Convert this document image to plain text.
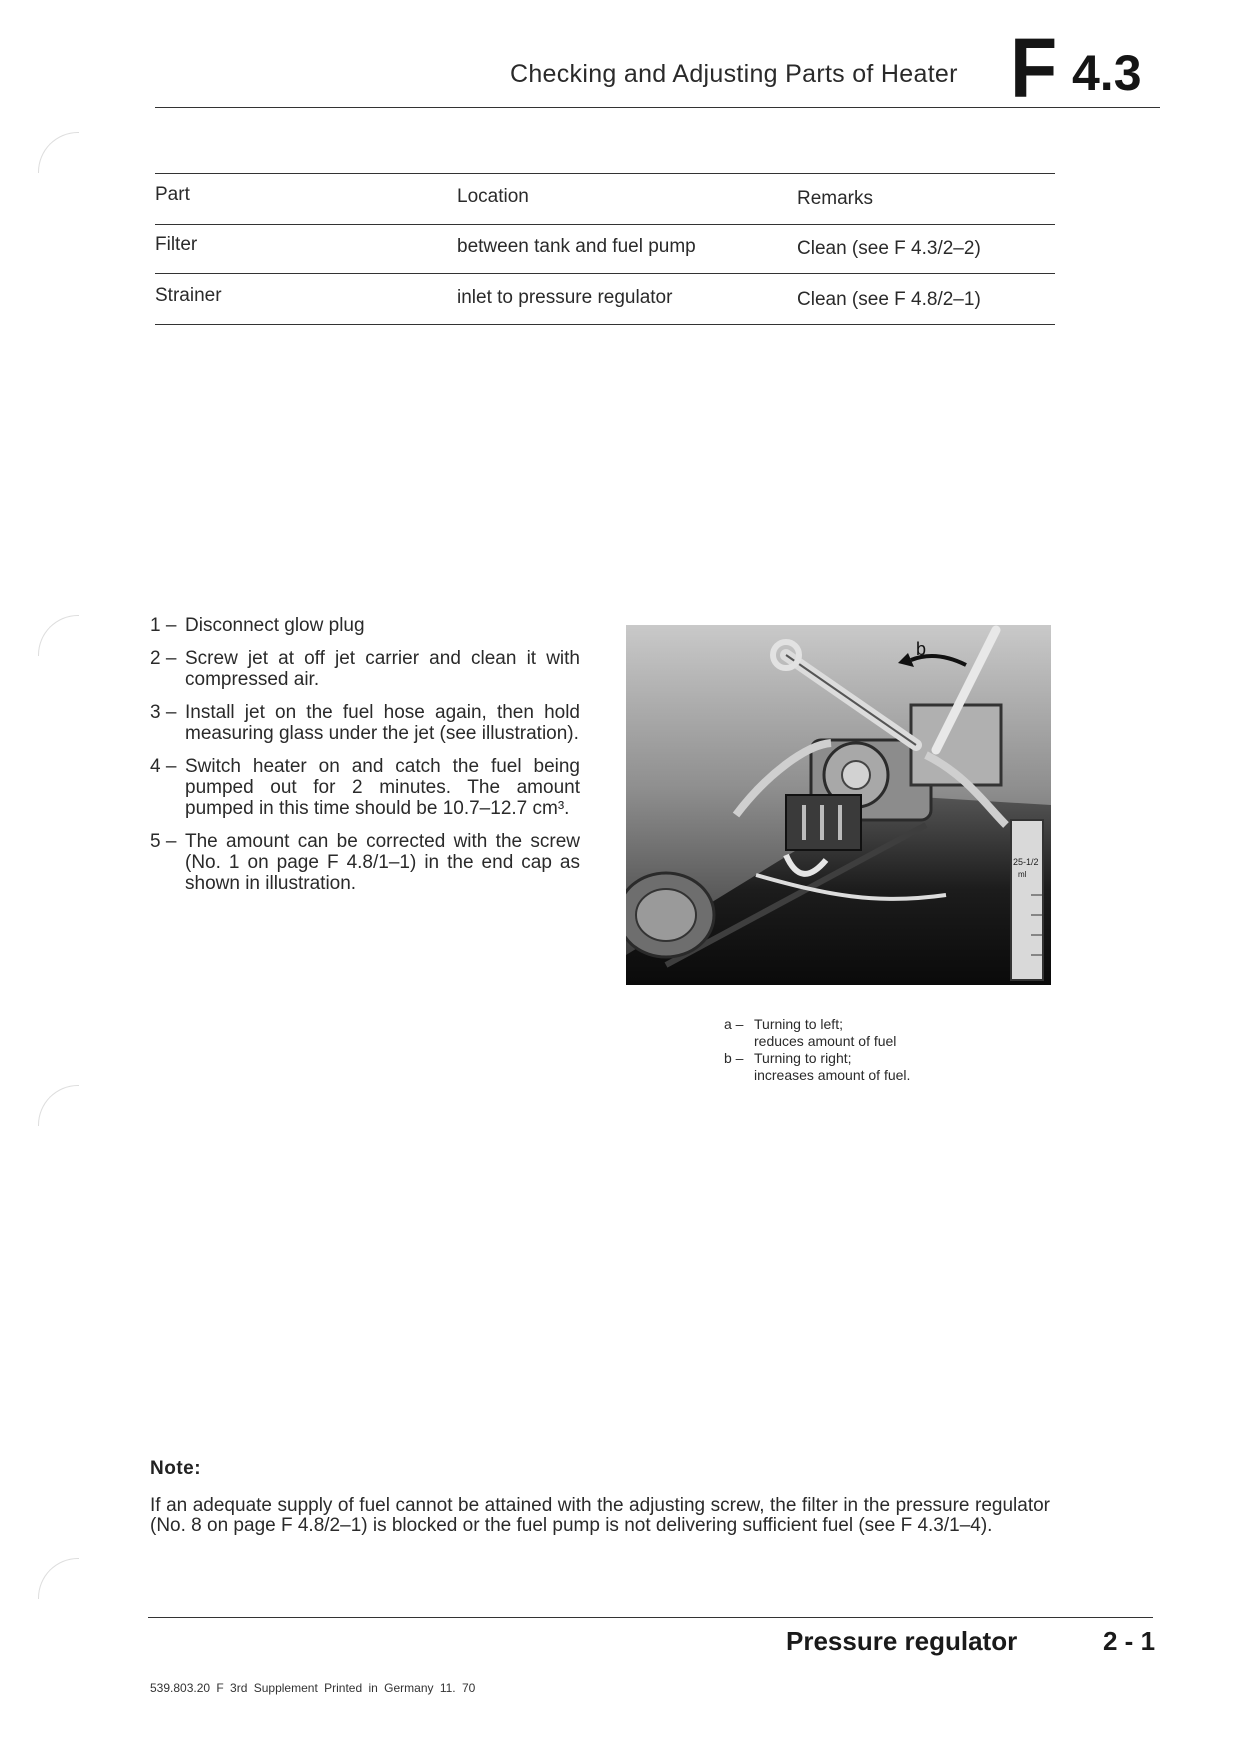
Checking and Adjusting Parts of Heater F 4.3
Part	Location	Remarks
Filter	between tank and fuel pump	Clean (see F 4.3/2–2)
Strainer	inlet to pressure regulator	Clean (see F 4.8/2–1)
1 – Disconnect glow plug
2 – Screw jet at off jet carrier and clean it with compressed air.
3 – Install jet on the fuel hose again, then hold measuring glass under the jet (see illustration).
4 – Switch heater on and catch the fuel being pumped out for 2 minutes. The amount pumped in this time should be 10.7–12.7 cm³.
5 – The amount can be corrected with the screw (No. 1 on page F 4.8/1–1) in the end cap as shown in illustration.
25-1/2
ml
b
a – Turning to left;
reduces amount of fuel
b – Turning to right;
increases amount of fuel.
Note:
If an adequate supply of fuel cannot be attained with the adjusting screw, the filter in the pressure regulator (No. 8 on page F 4.8/2–1) is blocked or the fuel pump is not delivering sufficient fuel (see F 4.3/1–4).
Pressure regulator	2 - 1
539.803.20 F 3rd Supplement Printed in Germany 11. 70
